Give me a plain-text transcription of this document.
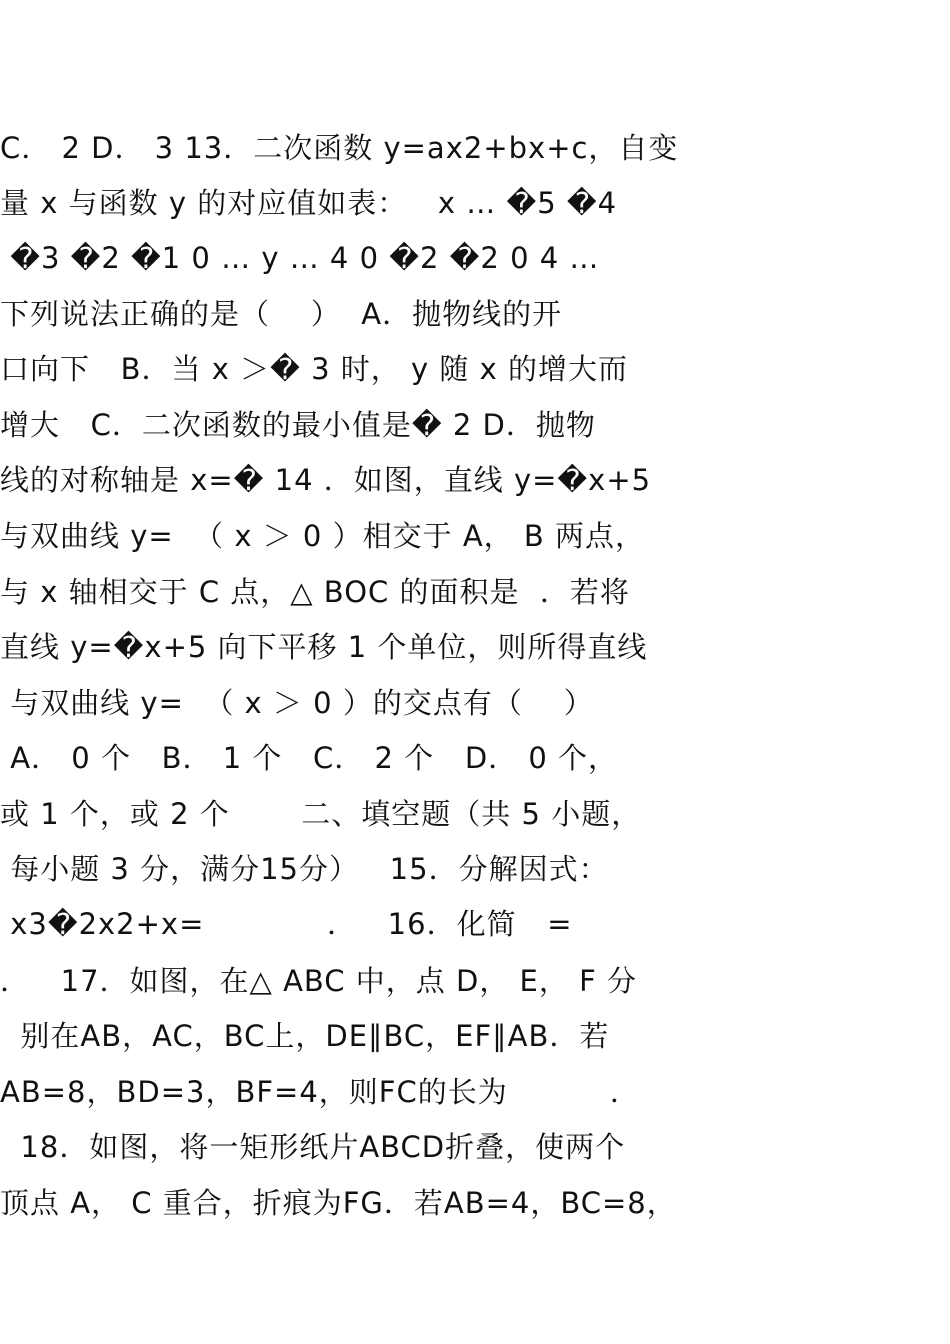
C． 2 D． 3 13．二次函数 y=ax2+bx+c，自变
量 x 与函数 y 的对应值如表：   x … �5 �4
�3 �2 �1 0 … y … 4 0 �2 �2 0 4 …
下列说法正确的是（    ）  A．抛物线的开
口向下   B．当 x ＞� 3 时， y 随 x 的增大而
增大   C．二次函数的最小值是� 2 D．抛物
线的对称轴是 x=� 14 ．如图，直线 y=�x+5
与双曲线 y=  （ x ＞ 0 ）相交于 A， B 两点，
与 x 轴相交于 C 点，△ BOC 的面积是  ．若将
直线 y=�x+5 向下平移 1 个单位，则所得直线
与双曲线 y=  （ x ＞ 0 ）的交点有（    ）
A． 0 个   B． 1 个   C． 2 个   D． 0 个，
或 1 个，或 2 个       二、填空题（共 5 小题，
每小题 3 分，满分15分）   15．分解因式：
x3�2x2+x=            ．   16．化简   =
．   17．如图，在△ ABC 中，点 D， E， F 分
别在AB，AC，BC上，DE∥BC，EF∥AB．若
AB=8，BD=3，BF=4，则FC的长为          ．
18．如图，将一矩形纸片ABCD折叠，使两个
顶点 A， C 重合，折痕为FG．若AB=4，BC=8，
